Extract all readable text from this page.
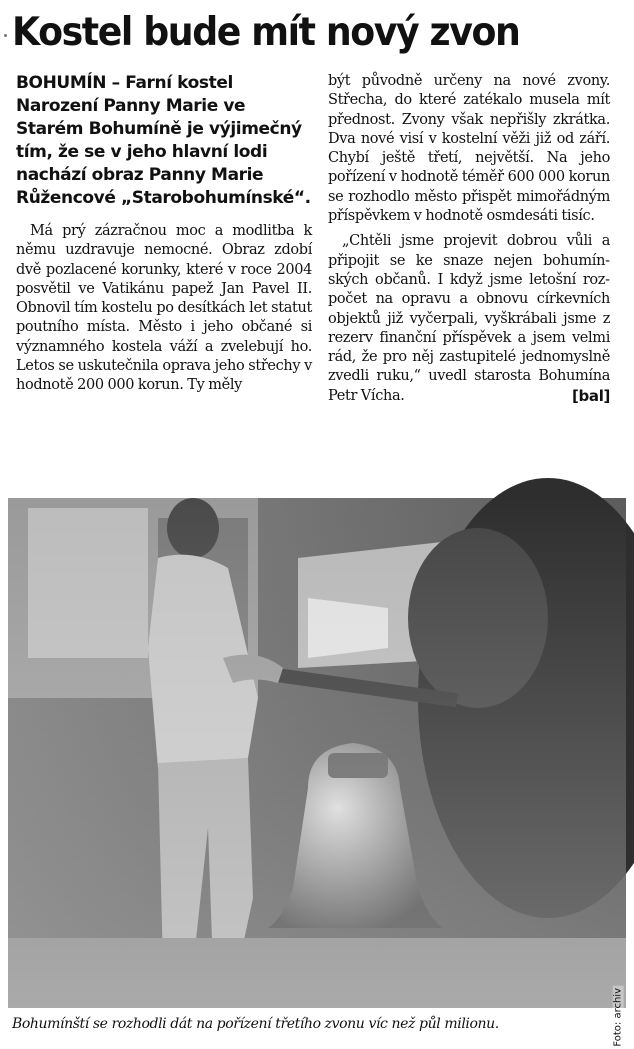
Kostel bude mít nový zvon

BOHUMÍN – Farní kostel Narození Panny Marie ve Starém Bohumíně je výjimečný tím, že se v jeho hlavní lodi nachází obraz Panny Marie Růžencové „Starobohumínské“.

Má prý zázračnou moc a modlitba k němu uzdravuje nemocné. Obraz zdobí dvě pozlacené korunky, které v roce 2004 posvětil ve Vatikánu papež Jan Pavel II. Obnovil tím kostelu po desítkách let statut poutního místa. Město i jeho občané si významného kostela váží a zvelebují ho. Letos se uskutečnila oprava jeho střechy v hodnotě 200 000 korun. Ty měly

být původně určeny na nové zvony. Střecha, do které zatékalo musela mít přednost. Zvony však nepřišly zkrátka. Dva nové visí v kostelní věži již od září. Chybí ještě třetí, největší. Na jeho pořízení v hodnotě téměř 600 000 korun se rozhodlo město přispět mimořádným příspěvkem v hodnotě osmdesáti tisíc.

„Chtěli jsme projevit dobrou vůli a připojit se ke snaze nejen bohumínských občanů. I když jsme letošní rozpočet na opravu a obnovu církevních objektů již vyčerpali, vyškrábali jsme z rezerv finanční příspěvek a jsem velmi rád, že pro něj zastupitelé jednomyslně zvedli ruku,“ uvedl starosta Bohumína Petr Vícha.	[bal]

Foto: archiv
Bohumínští se rozhodli dát na pořízení třetího zvonu víc než půl milionu.
